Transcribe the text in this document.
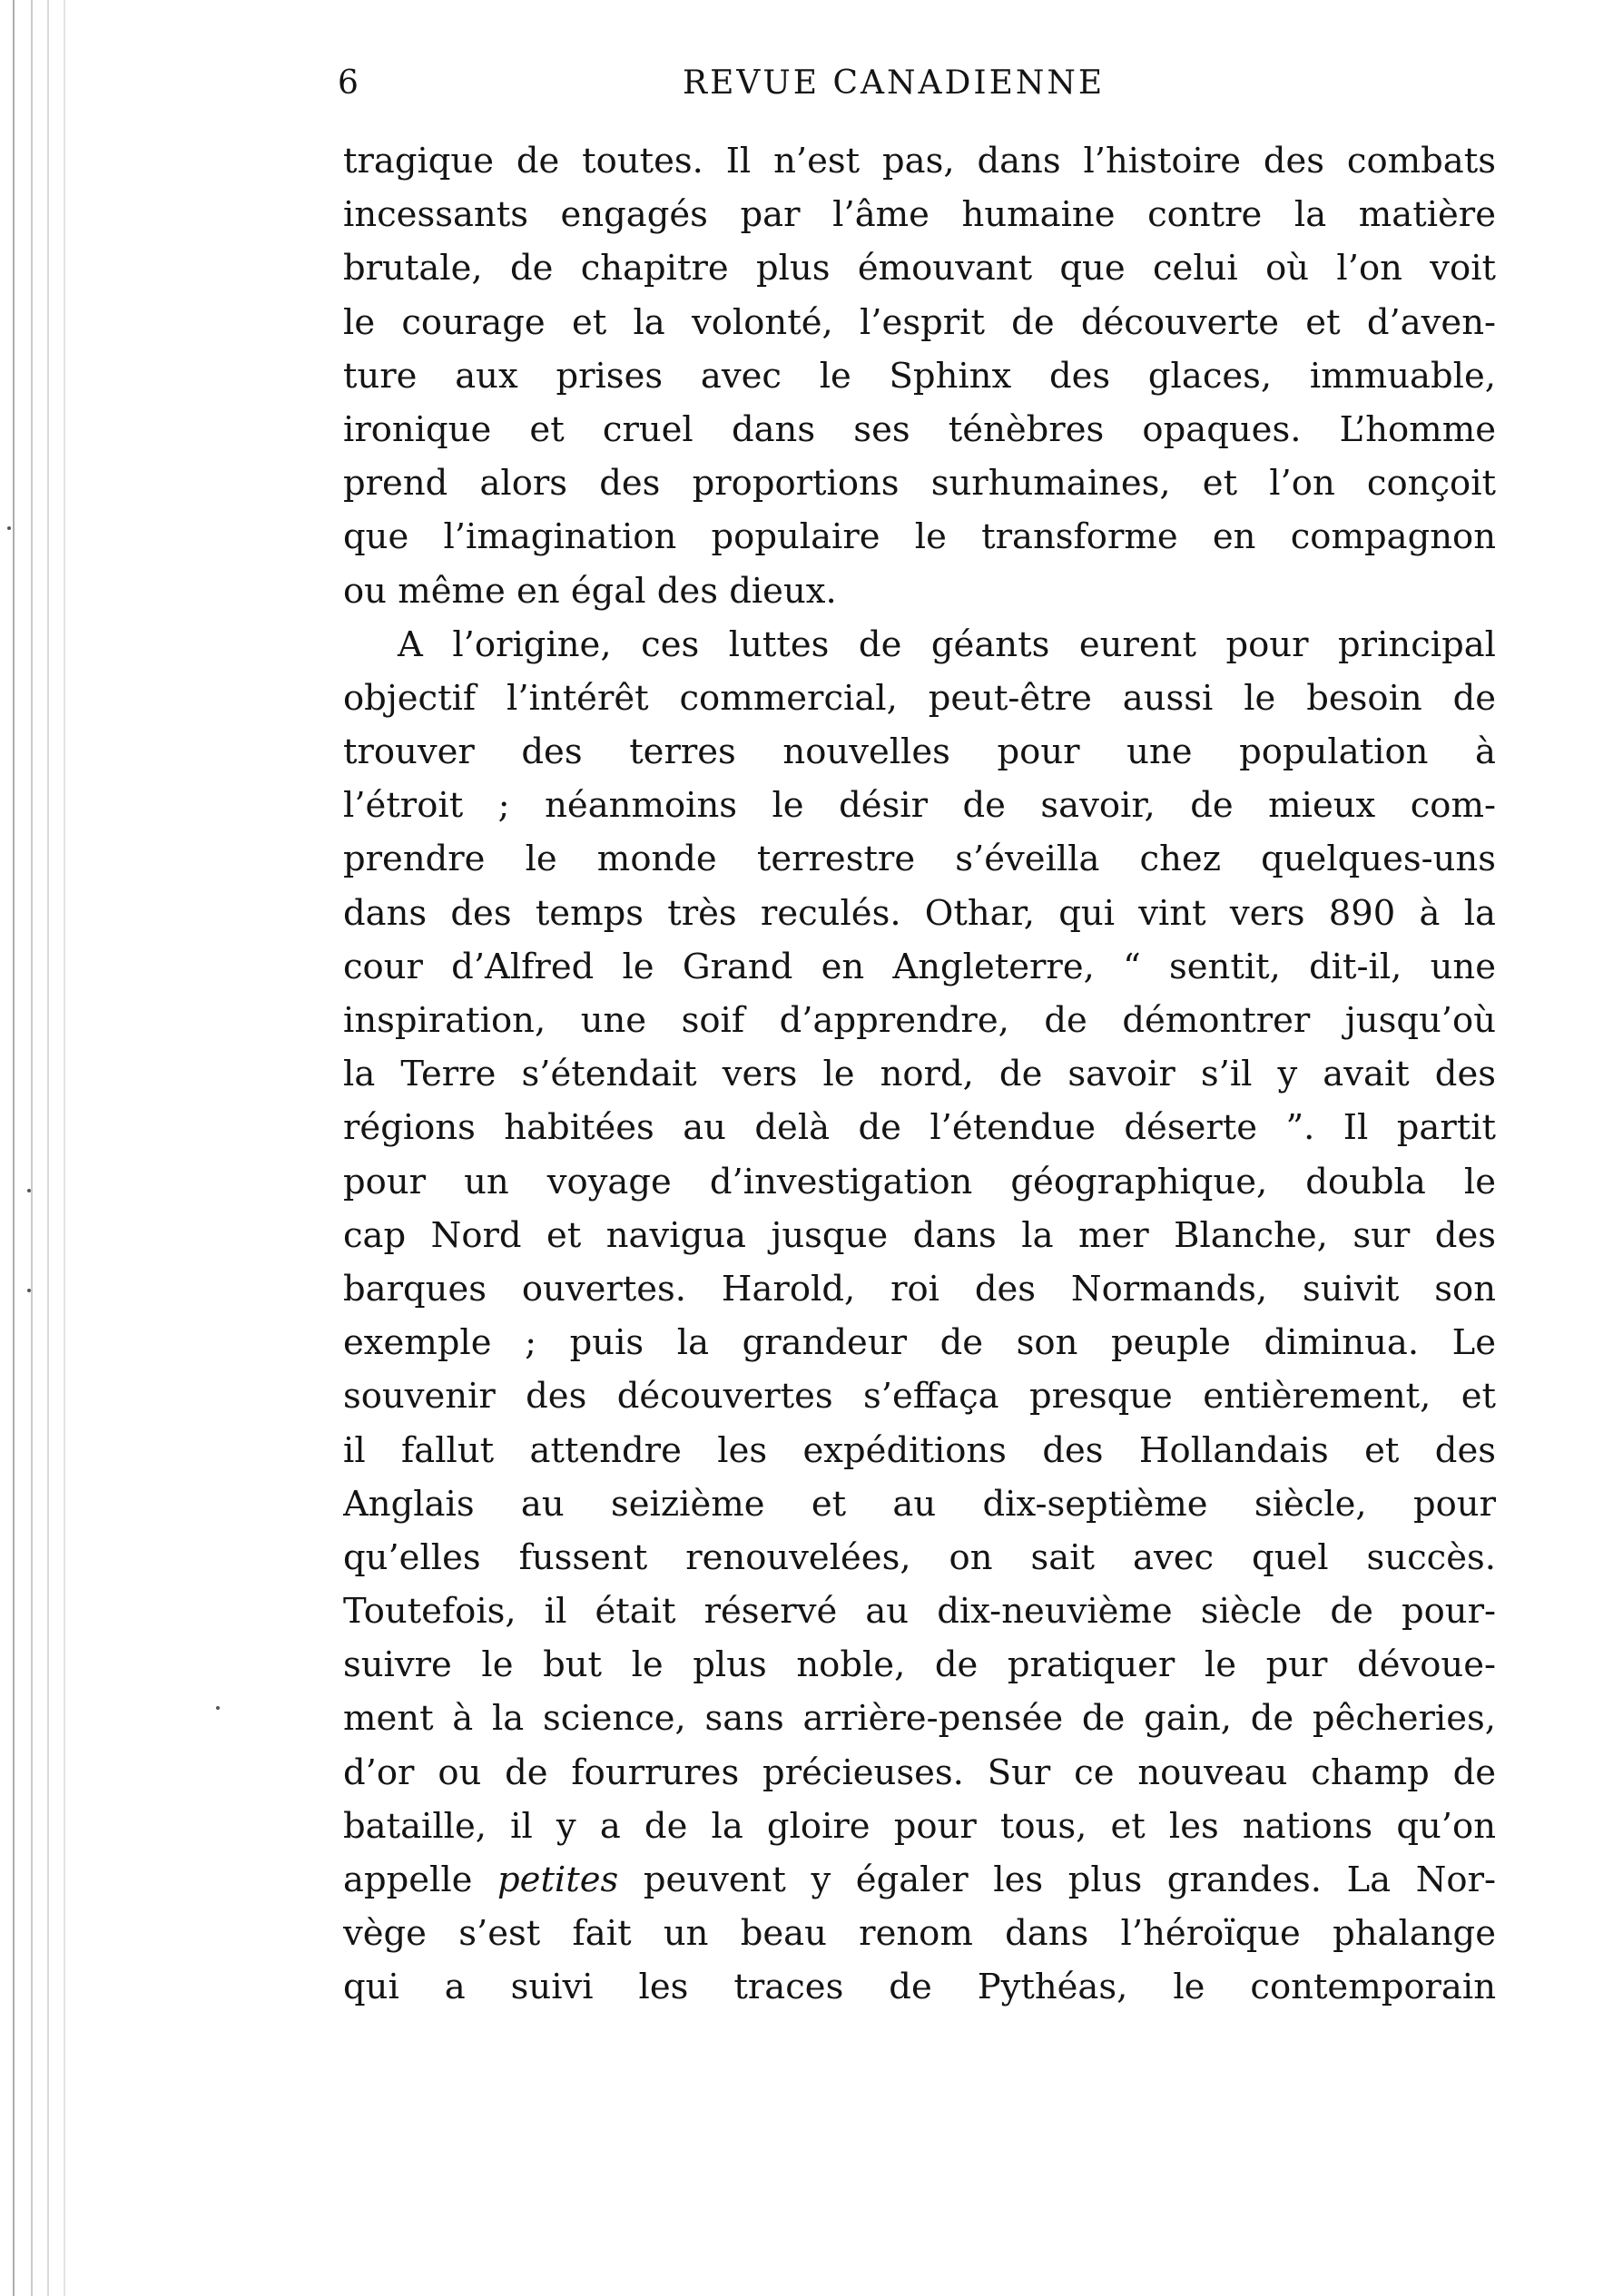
6	REVUE CANADIENNE
tragique de toutes. Il n’est pas, dans l’histoire des combats
incessants engagés par l’âme humaine contre la matière
brutale, de chapitre plus émouvant que celui où l’on voit
le courage et la volonté, l’esprit de découverte et d’aven-
ture aux prises avec le Sphinx des glaces, immuable,
ironique et cruel dans ses ténèbres opaques. L’homme
prend alors des proportions surhumaines, et l’on conçoit
que l’imagination populaire le transforme en compagnon
ou même en égal des dieux.
A l’origine, ces luttes de géants eurent pour principal
objectif l’intérêt commercial, peut-être aussi le besoin de
trouver des terres nouvelles pour une population à
l’étroit ; néanmoins le désir de savoir, de mieux com-
prendre le monde terrestre s’éveilla chez quelques-uns
dans des temps très reculés. Othar, qui vint vers 890 à la
cour d’Alfred le Grand en Angleterre, “ sentit, dit-il, une
inspiration, une soif d’apprendre, de démontrer jusqu’où
la Terre s’étendait vers le nord, de savoir s’il y avait des
régions habitées au delà de l’étendue déserte ”. Il partit
pour un voyage d’investigation géographique, doubla le
cap Nord et navigua jusque dans la mer Blanche, sur des
barques ouvertes. Harold, roi des Normands, suivit son
exemple ; puis la grandeur de son peuple diminua. Le
souvenir des découvertes s’effaça presque entièrement, et
il fallut attendre les expéditions des Hollandais et des
Anglais au seizième et au dix-septième siècle, pour
qu’elles fussent renouvelées, on sait avec quel succès.
Toutefois, il était réservé au dix-neuvième siècle de pour-
suivre le but le plus noble, de pratiquer le pur dévoue-
ment à la science, sans arrière-pensée de gain, de pêcheries,
d’or ou de fourrures précieuses. Sur ce nouveau champ de
bataille, il y a de la gloire pour tous, et les nations qu’on
appelle petites peuvent y égaler les plus grandes. La Nor-
vège s’est fait un beau renom dans l’héroïque phalange
qui a suivi les traces de Pythéas, le contemporain
